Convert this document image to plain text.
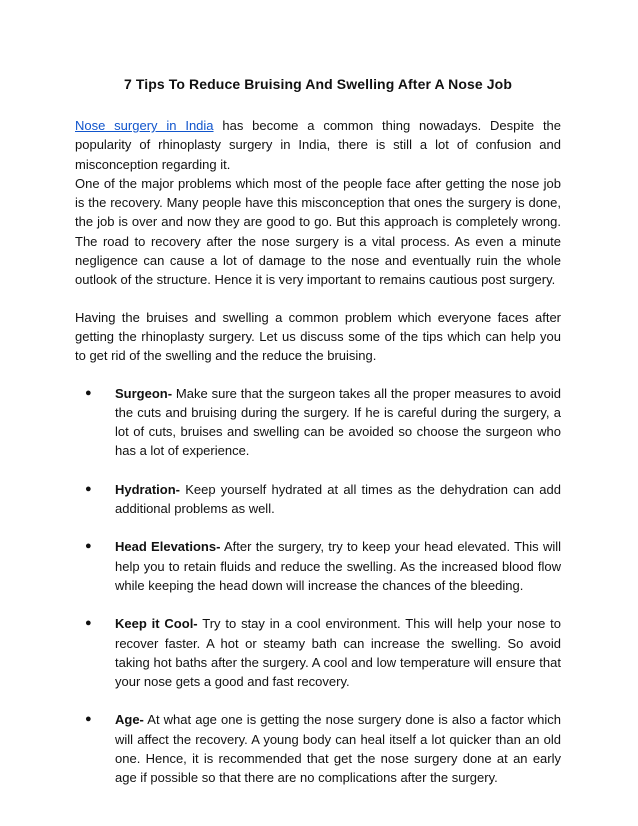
7 Tips To Reduce Bruising And Swelling After A Nose Job

Nose surgery in India has become a common thing nowadays. Despite the popularity of rhinoplasty surgery in India, there is still a lot of confusion and misconception regarding it.

One of the major problems which most of the people face after getting the nose job is the recovery. Many people have this misconception that ones the surgery is done, the job is over and now they are good to go. But this approach is completely wrong. The road to recovery after the nose surgery is a vital process. As even a minute negligence can cause a lot of damage to the nose and eventually ruin the whole outlook of the structure. Hence it is very important to remains cautious post surgery.

Having the bruises and swelling a common problem which everyone faces after getting the rhinoplasty surgery. Let us discuss some of the tips which can help you to get rid of the swelling and the reduce the bruising.

● Surgeon- Make sure that the surgeon takes all the proper measures to avoid the cuts and bruising during the surgery. If he is careful during the surgery, a lot of cuts, bruises and swelling can be avoided so choose the surgeon who has a lot of experience.
● Hydration- Keep yourself hydrated at all times as the dehydration can add additional problems as well.
● Head Elevations- After the surgery, try to keep your head elevated. This will help you to retain fluids and reduce the swelling. As the increased blood flow while keeping the head down will increase the chances of the bleeding.
● Keep it Cool- Try to stay in a cool environment. This will help your nose to recover faster. A hot or steamy bath can increase the swelling. So avoid taking hot baths after the surgery. A cool and low temperature will ensure that your nose gets a good and fast recovery.
● Age- At what age one is getting the nose surgery done is also a factor which will affect the recovery. A young body can heal itself a lot quicker than an old one. Hence, it is recommended that get the nose surgery done at an early age if possible so that there are no complications after the surgery.
